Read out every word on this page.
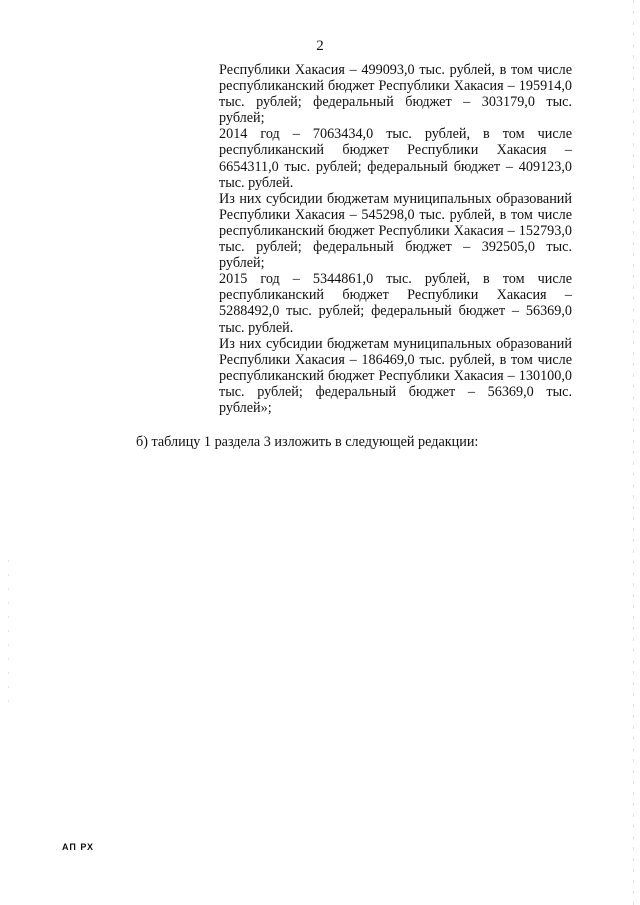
2

Республики Хакасия – 499093,0 тыс. рублей, в том числе республиканский бюджет Республики Хакасия – 195914,0 тыс. рублей; федеральный бюджет – 303179,0 тыс. рублей;

2014 год – 7063434,0 тыс. рублей, в том числе республиканский бюджет Республики Хакасия – 6654311,0 тыс. рублей; федеральный бюджет – 409123,0 тыс. рублей.

Из них субсидии бюджетам муниципальных образований Республики Хакасия – 545298,0 тыс. рублей, в том числе республиканский бюджет Республики Хакасия – 152793,0 тыс. рублей; федеральный бюджет – 392505,0 тыс. рублей;

2015 год – 5344861,0 тыс. рублей, в том числе республиканский бюджет Республики Хакасия – 5288492,0 тыс. рублей; федеральный бюджет – 56369,0 тыс. рублей.

Из них субсидии бюджетам муниципальных образований Республики Хакасия – 186469,0 тыс. рублей, в том числе республиканский бюджет Республики Хакасия – 130100,0 тыс. рублей; федеральный бюджет – 56369,0 тыс. рублей»;

б) таблицу 1 раздела 3 изложить в следующей редакции:
АП РХ
